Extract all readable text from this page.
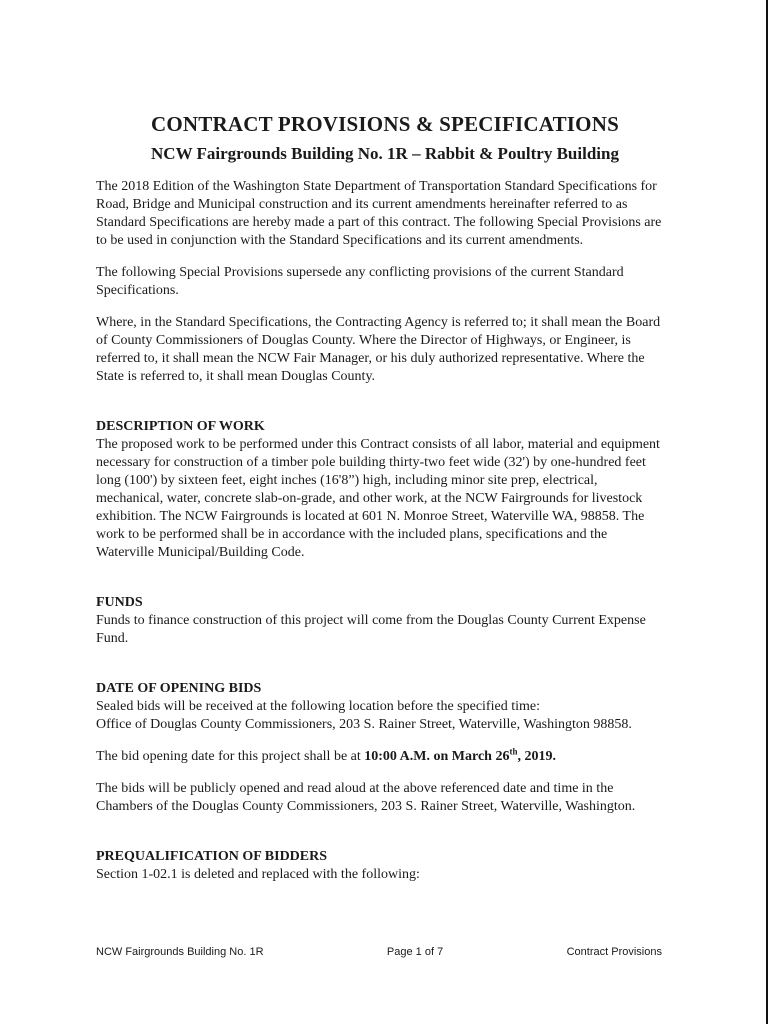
CONTRACT PROVISIONS & SPECIFICATIONS
NCW Fairgrounds Building No. 1R – Rabbit & Poultry Building

The 2018 Edition of the Washington State Department of Transportation Standard Specifications for Road, Bridge and Municipal construction and its current amendments hereinafter referred to as Standard Specifications are hereby made a part of this contract. The following Special Provisions are to be used in conjunction with the Standard Specifications and its current amendments.

The following Special Provisions supersede any conflicting provisions of the current Standard Specifications.

Where, in the Standard Specifications, the Contracting Agency is referred to; it shall mean the Board of County Commissioners of Douglas County. Where the Director of Highways, or Engineer, is referred to, it shall mean the NCW Fair Manager, or his duly authorized representative. Where the State is referred to, it shall mean Douglas County.

DESCRIPTION OF WORK

The proposed work to be performed under this Contract consists of all labor, material and equipment necessary for construction of a timber pole building thirty-two feet wide (32') by one-hundred feet long (100') by sixteen feet, eight inches (16'8”) high, including minor site prep, electrical, mechanical, water, concrete slab-on-grade, and other work, at the NCW Fairgrounds for livestock exhibition. The NCW Fairgrounds is located at 601 N. Monroe Street, Waterville WA, 98858. The work to be performed shall be in accordance with the included plans, specifications and the Waterville Municipal/Building Code.

FUNDS

Funds to finance construction of this project will come from the Douglas County Current Expense Fund.

DATE OF OPENING BIDS

Sealed bids will be received at the following location before the specified time:

Office of Douglas County Commissioners, 203 S. Rainer Street, Waterville, Washington 98858.

The bid opening date for this project shall be at 10:00 A.M. on March 26th, 2019.

The bids will be publicly opened and read aloud at the above referenced date and time in the Chambers of the Douglas County Commissioners, 203 S. Rainer Street, Waterville, Washington.

PREQUALIFICATION OF BIDDERS

Section 1-02.1 is deleted and replaced with the following:

NCW Fairgrounds Building No. 1R	Page 1 of 7	Contract Provisions
